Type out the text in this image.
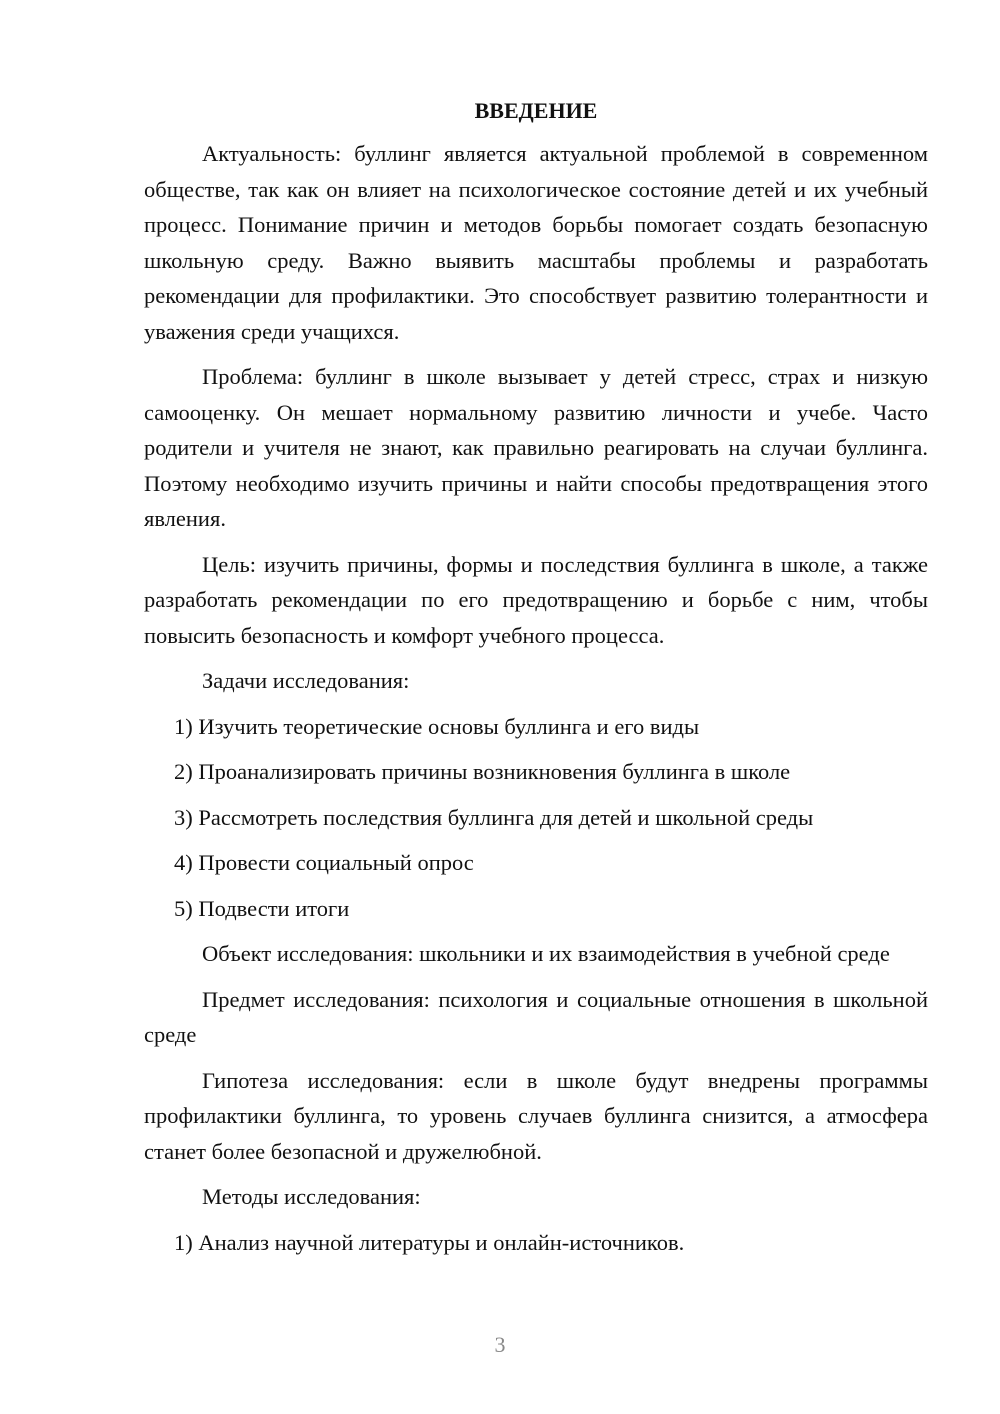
ВВЕДЕНИЕ

Актуальность: буллинг является актуальной проблемой в современном обществе, так как он влияет на психологическое состояние детей и их учебный процесс. Понимание причин и методов борьбы помогает создать безопасную школьную среду. Важно выявить масштабы проблемы и разработать рекомендации для профилактики. Это способствует развитию толерантности и уважения среди учащихся.

Проблема: буллинг в школе вызывает у детей стресс, страх и низкую самооценку. Он мешает нормальному развитию личности и учебе. Часто родители и учителя не знают, как правильно реагировать на случаи буллинга. Поэтому необходимо изучить причины и найти способы предотвращения этого явления.

Цель: изучить причины, формы и последствия буллинга в школе, а также разработать рекомендации по его предотвращению и борьбе с ним, чтобы повысить безопасность и комфорт учебного процесса.

Задачи исследования:
1) Изучить теоретические основы буллинга и его виды
2) Проанализировать причины возникновения буллинга в школе
3) Рассмотреть последствия буллинга для детей и школьной среды
4) Провести социальный опрос
5) Подвести итоги

Объект исследования: школьники и их взаимодействия в учебной среде

Предмет исследования: психология и социальные отношения в школьной среде

Гипотеза исследования: если в школе будут внедрены программы профилактики буллинга, то уровень случаев буллинга снизится, а атмосфера станет более безопасной и дружелюбной.

Методы исследования:
1) Анализ научной литературы и онлайн-источников.
3
